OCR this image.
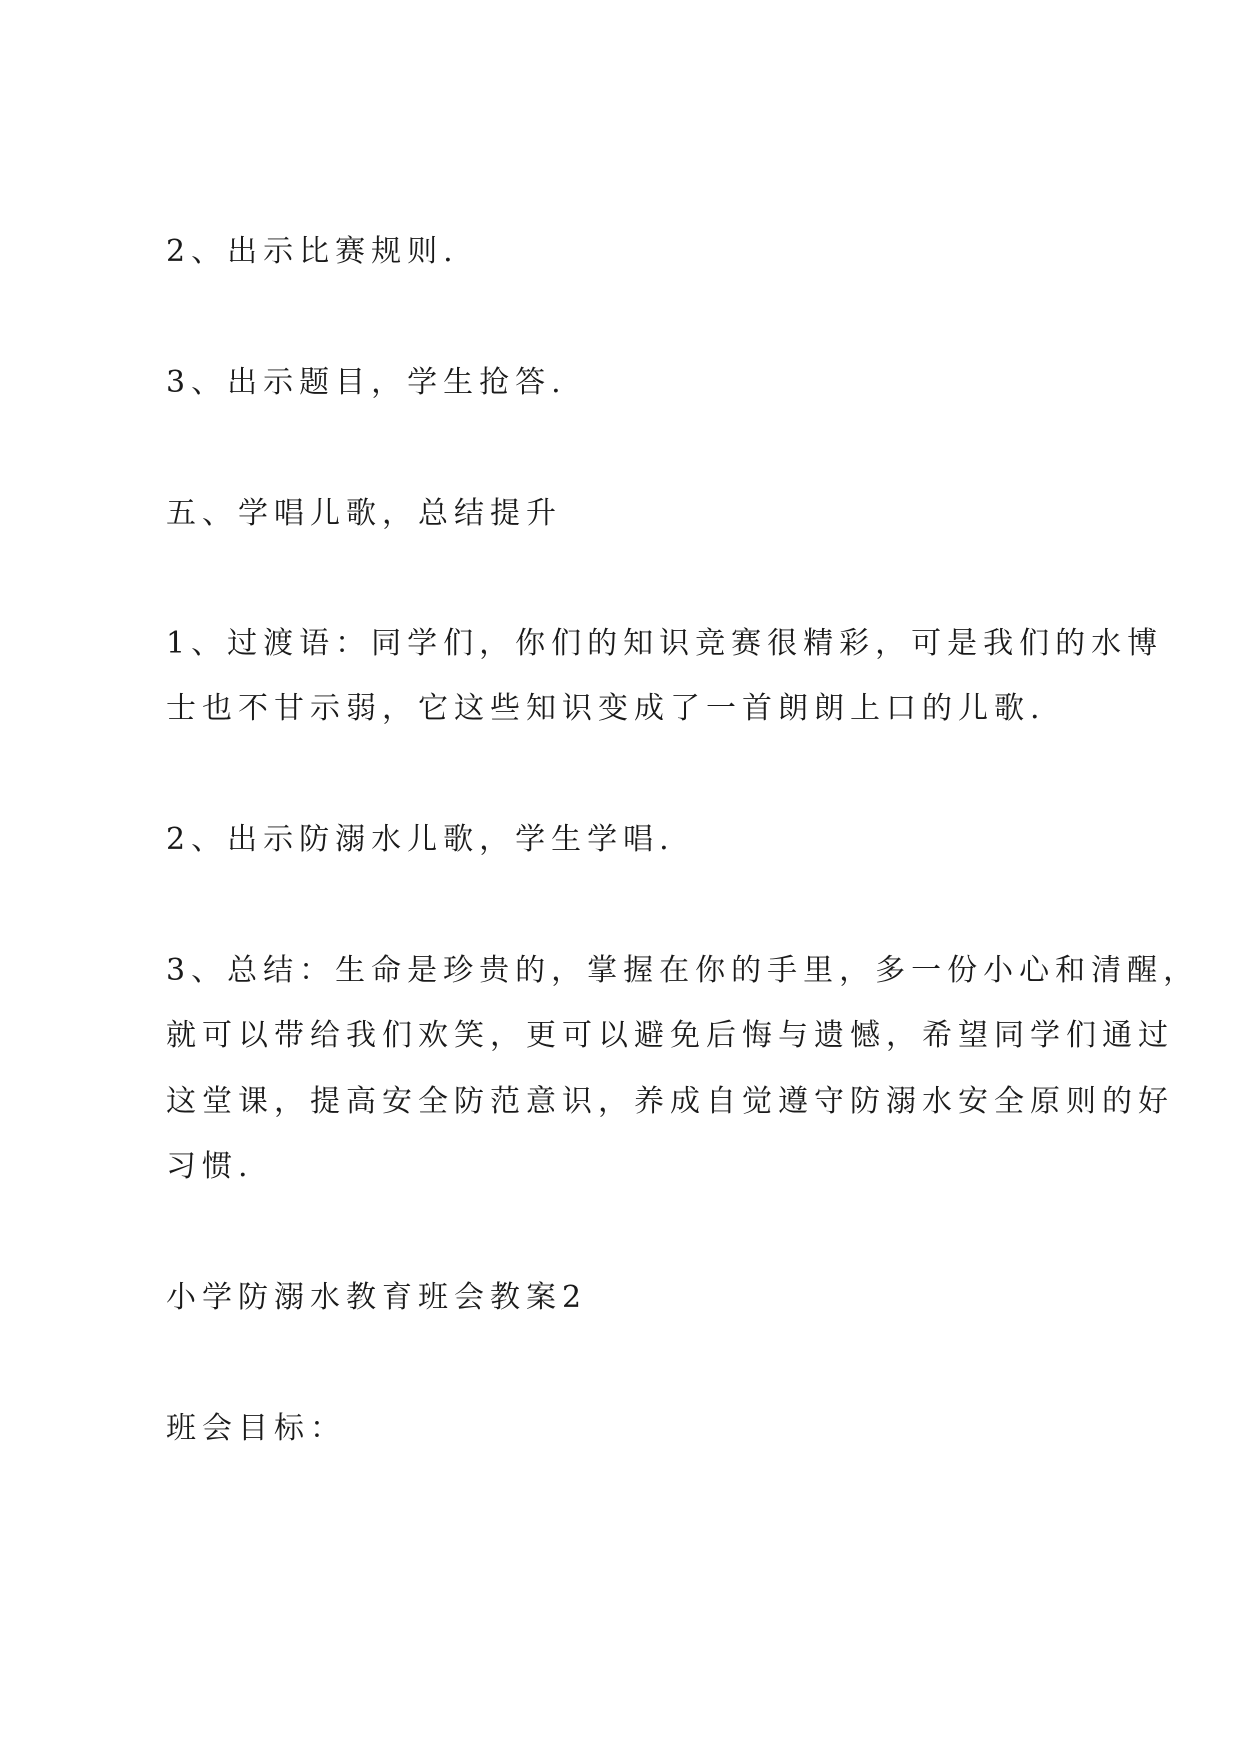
2、出示比赛规则.
3、出示题目，学生抢答.
五、学唱儿歌，总结提升
1、过渡语：同学们，你们的知识竞赛很精彩，可是我们的水博
士也不甘示弱，它这些知识变成了一首朗朗上口的儿歌.
2、出示防溺水儿歌，学生学唱.
3、总结：生命是珍贵的，掌握在你的手里，多一份小心和清醒，
就可以带给我们欢笑，更可以避免后悔与遗憾，希望同学们通过
这堂课，提高安全防范意识，养成自觉遵守防溺水安全原则的好
习惯.
小学防溺水教育班会教案2
班会目标：
